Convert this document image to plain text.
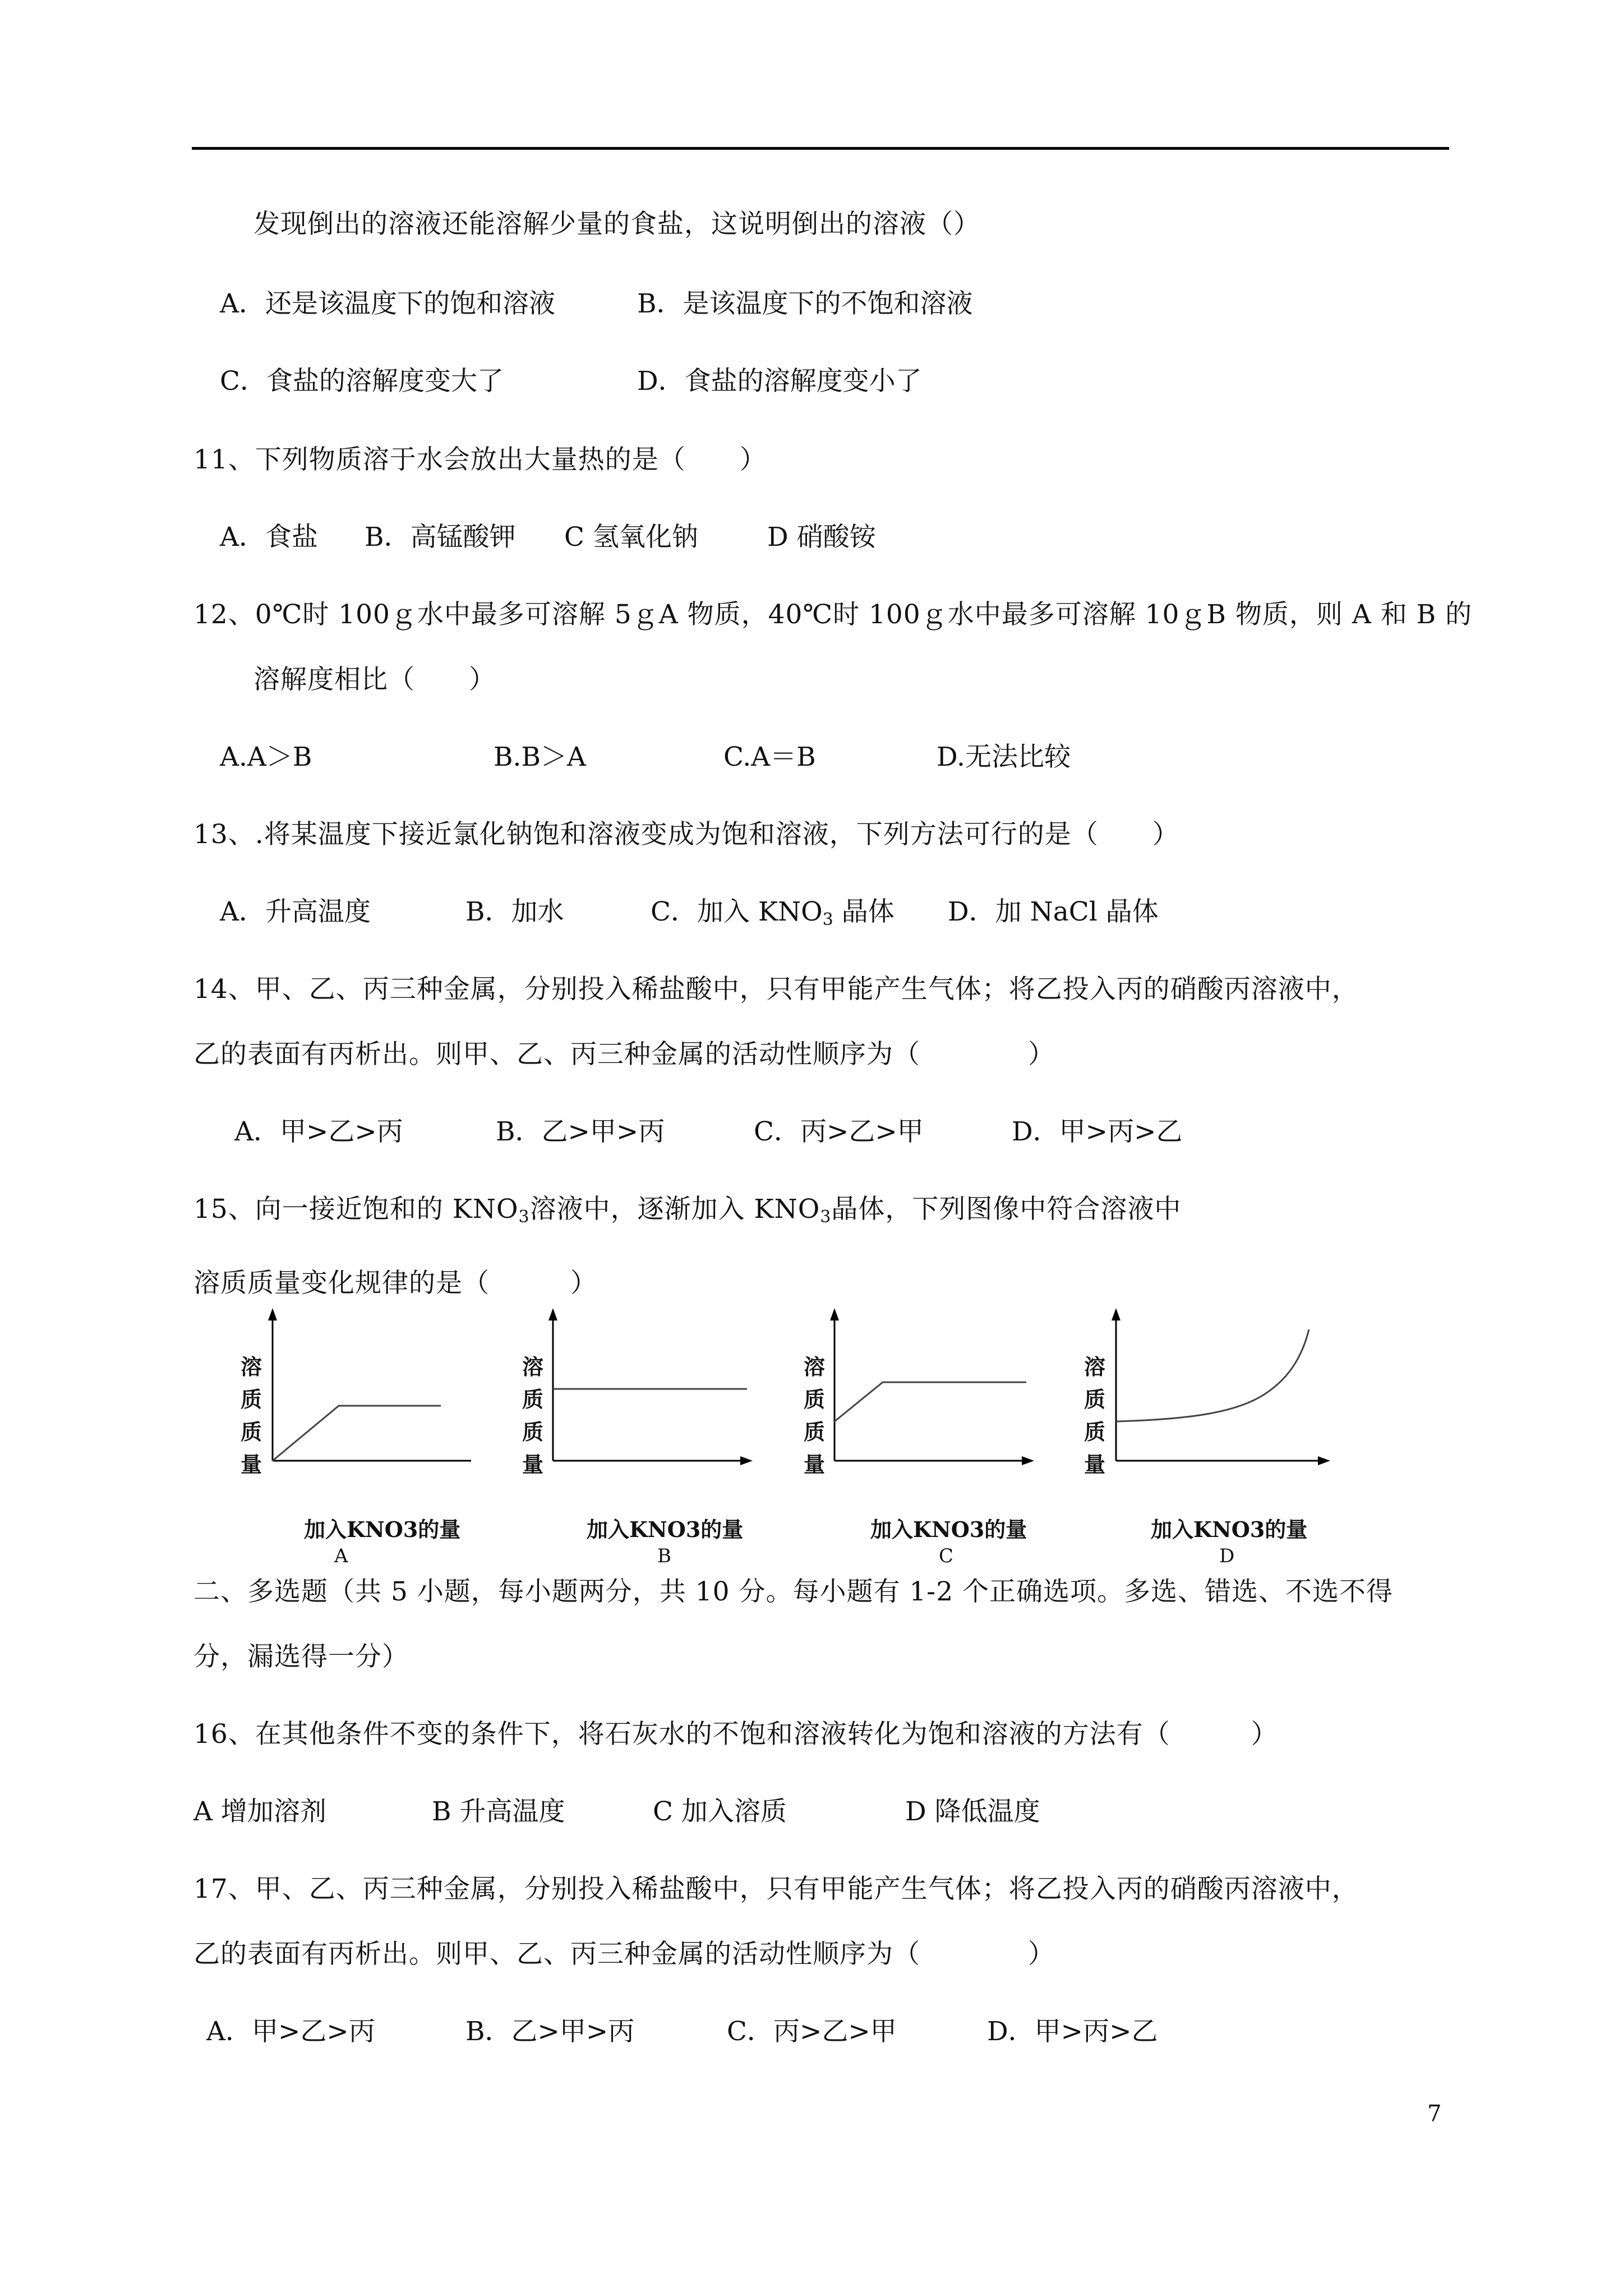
发现倒出的溶液还能溶解少量的食盐，这说明倒出的溶液（）
A．还是该温度下的饱和溶液	B．是该温度下的不饱和溶液
C．食盐的溶解度变大了	D．食盐的溶解度变小了
11、下列物质溶于水会放出大量热的是（　　）
A．食盐 B．高锰酸钾 C 氢氧化钠	D 硝酸铵
12、0℃时 100ｇ水中最多可溶解 5ｇA 物质，40℃时 100ｇ水中最多可溶解 10ｇB 物质，则 A 和 B 的
溶解度相比（　　）
A.A＞B	B.B＞A	C.A＝B	D.无法比较
13、.将某温度下接近氯化钠饱和溶液变成为饱和溶液，下列方法可行的是（　　）
A．升高温度	B．加水	C．加入 $KNO_3$ 晶体 D．加 NaCl 晶体
14、甲、乙、丙三种金属，分别投入稀盐酸中，只有甲能产生气体；将乙投入丙的硝酸丙溶液中，
乙的表面有丙析出。则甲、乙、丙三种金属的活动性顺序为（　　　　）
A．甲>乙>丙	B．乙>甲>丙	C．丙>乙>甲	D．甲>丙>乙
15、向一接近饱和的 $KNO_3$溶液中，逐渐加入 $KNO_3$晶体，下列图像中符合溶液中
溶质质量变化规律的是（　　　）
溶
质
质
量
加入KNO3的量
A
溶
质
质
量
加入KNO3的量
B
溶
质
质
量
加入KNO3的量
C
溶
质
质
量
加入KNO3的量
D
二、多选题（共 5 小题，每小题两分，共 10 分。每小题有 1-2 个正确选项。多选、错选、不选不得
分，漏选得一分）
16、在其他条件不变的条件下，将石灰水的不饱和溶液转化为饱和溶液的方法有（　　　）
A 增加溶剂	B 升高温度	C 加入溶质	D 降低温度
17、甲、乙、丙三种金属，分别投入稀盐酸中，只有甲能产生气体；将乙投入丙的硝酸丙溶液中，
乙的表面有丙析出。则甲、乙、丙三种金属的活动性顺序为（　　　　）
A．甲>乙>丙	B．乙>甲>丙	C．丙>乙>甲	D．甲>丙>乙
7
